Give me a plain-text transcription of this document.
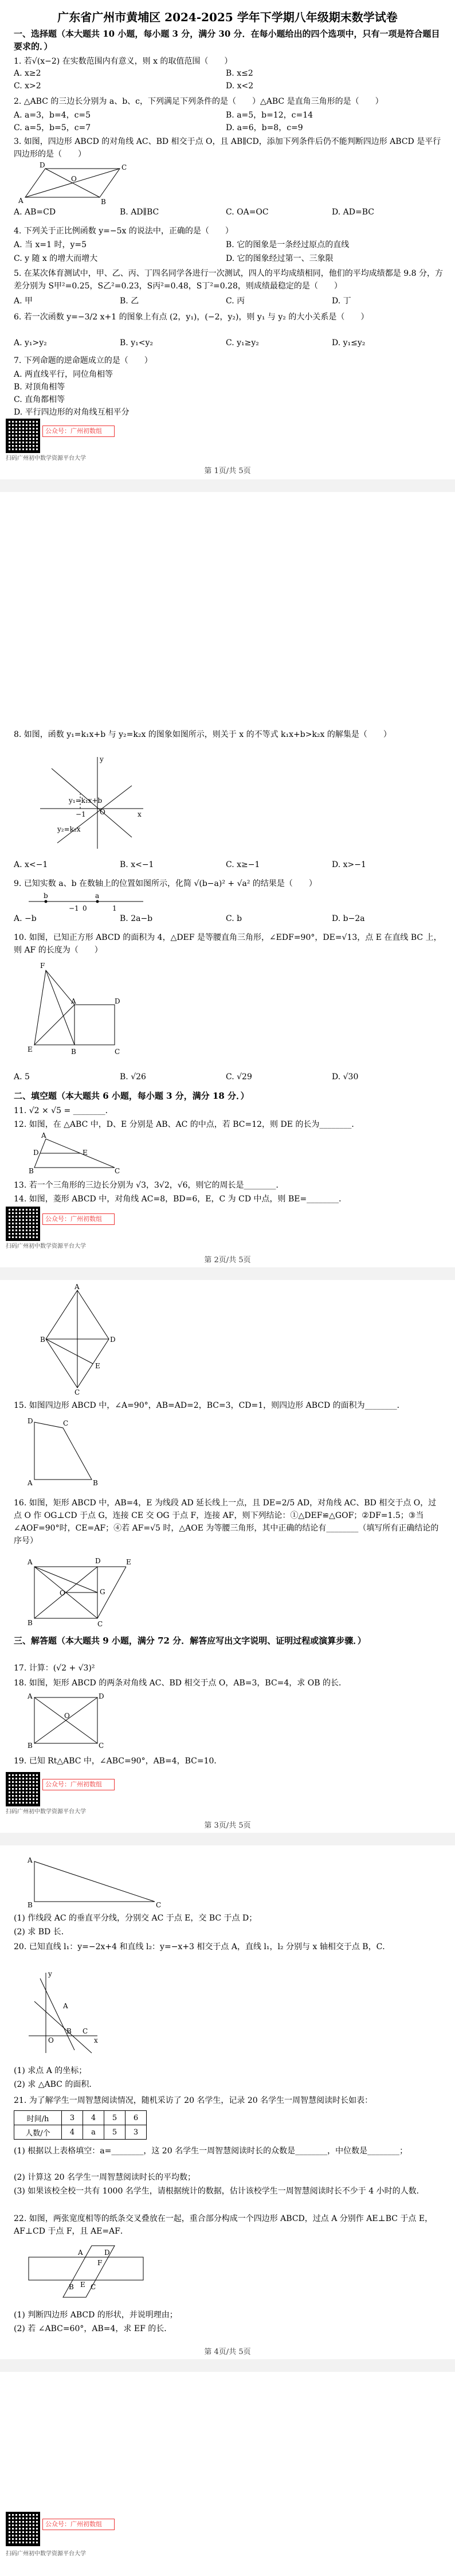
广东省广州市黄埔区 2024-2025 学年下学期八年级期末数学试卷
一、选择题（本大题共 10 小题，每小题 3 分，满分 30 分．在每小题给出的四个选项中，只有一项是符合题目要求的．）
1. 若√(x−2) 在实数范围内有意义，则 x 的取值范围（　　）
A. x≥2	B. x≤2
C. x>2	D. x<2
2. △ABC 的三边长分别为 a、b、c，下列满足下列条件的是（　　）△ABC 是直角三角形的是（　　）
A. a=3，b=4，c=5	B. a=5，b=12，c=14
C. a=5，b=5，c=7	D. a=6，b=8，c=9
3. 如图，四边形 ABCD 的对角线 AC、BD 相交于点 O，且 AB∥CD，添加下列条件后仍不能判断四边形 ABCD 是平行四边形的是（　　）
A	B
C
D
O
A. AB=CD	B. AD∥BC	C. OA=OC	D. AD=BC
4. 下列关于正比例函数 y=−5x 的说法中，正确的是（　　）
A. 当 x=1 时，y=5	B. 它的图象是一条经过原点的直线
C. y 随 x 的增大而增大	D. 它的图象经过第一、三象限
5. 在某次体育测试中，甲、乙、丙、丁四名同学各进行一次测试，四人的平均成绩相同，他们的平均成绩都是 9.8 分，方差分别为 S甲²=0.25，S乙²=0.23，S丙²=0.48，S丁²=0.28，则成绩最稳定的是（　　）
A. 甲	B. 乙	C. 丙	D. 丁
6. 若一次函数 y=−3/2 x+1 的图象上有点 (2，y₁)，(−2，y₂)，则 y₁ 与 y₂ 的大小关系是（　　）
A. y₁>y₂	B. y₁<y₂	C. y₁≥y₂	D. y₁≤y₂
7. 下列命题的逆命题成立的是（　　）
A. 两直线平行，同位角相等
B. 对顶角相等
C. 直角都相等
D. 平行四边形的对角线互相平分
公众号：广州初数组
扫码广州初中数学资源平台大学
第 1页/共 5页
8. 如图，函数 y₁=k₁x+b 与 y₂=k₂x 的图象如图所示，则关于 x 的不等式 k₁x+b>k₂x 的解集是（　　）
y₁=k₁x+b
y₂=k₂x
−1 O	x
y
A. x<−1	B. x<−1	C. x≥−1	D. x>−1
9. 已知实数 a、b 在数轴上的位置如图所示，化简 √(b−a)² + √a² 的结果是（　　）
b	a
−1 0	1
A. −b	B. 2a−b	C. b	D. b−2a
10. 如图，已知正方形 ABCD 的面积为 4，△DEF 是等腰直角三角形，∠EDF=90°，DE=√13，点 E 在直线 BC 上，则 AF 的长度为（　　）
F
E	B	C
D
A
A. 5	B. √26	C. √29	D. √30
二、填空题（本大题共 6 小题，每小题 3 分，满分 18 分．）
11. √2 × √5 = ________．
12. 如图，在 △ABC 中，D、E 分别是 AB、AC 的中点，若 BC=12，则 DE 的长为________．
A
B	C
D	E
13. 若一个三角形的三边长分别为 √3，3√2，√6，则它的周长是________．
14. 如图，菱形 ABCD 中，对角线 AC=8，BD=6，E，C 为 CD 中点，则 BE=________．
公众号：广州初数组
扫码广州初中数学资源平台大学
第 2页/共 5页
A
B
C
D
E
15. 如图四边形 ABCD 中，∠A=90°，AB=AD=2，BC=3，CD=1，则四边形 ABCD 的面积为________．
A	B
C
D
16. 如图，矩形 ABCD 中，AB=4，E 为线段 AD 延长线上一点，且 DE=2/5 AD，对角线 AC、BD 相交于点 O，过点 O 作 OG⊥CD 于点 G，连接 CE 交 OG 于点 F，连接 AF，则下列结论：①△DEF≌△GOF；②DF=1.5；③当∠AOF=90°时，CE=AF；④若 AF=√5 时，△AOE 为等腰三角形，其中正确的结论有________（填写所有正确结论的序号）
A	D	E
B	C
O	G
三、解答题（本大题共 9 小题，满分 72 分．解答应写出文字说明、证明过程或演算步骤．）
17. 计算：(√2 + √3)²
18. 如图，矩形 ABCD 的两条对角线 AC、BD 相交于点 O，AB=3，BC=4，求 OB 的长．
A	D
B	C
O
19. 已知 Rt△ABC 中，∠ABC=90°，AB=4，BC=10．
公众号：广州初数组
扫码广州初中数学资源平台大学
第 3页/共 5页
A
B	C
(1) 作线段 AC 的垂直平分线，分别交 AC 于点 E，交 BC 于点 D；
(2) 求 BD 长．
20. 已知直线 l₁：y=−2x+4 和直线 l₂：y=−x+3 相交于点 A，直线 l₁，l₂ 分别与 x 轴相交于点 B，C．
O	x
y
A
B C
(1) 求点 A 的坐标；
(2) 求 △ABC 的面积．
21. 为了解学生一周智慧阅读情况，随机采访了 20 名学生，记录 20 名学生一周智慧阅读时长如表：
时间/h	3	4	5	6
人数/个	4	a	5	3
(1) 根据以上表格填空：a=________，这 20 名学生一周智慧阅读时长的众数是________，中位数是________；
(2) 计算这 20 名学生一周智慧阅读时长的平均数；
(3) 如果该校全校一共有 1000 名学生，请根据统计的数据，估计该校学生一周智慧阅读时长不少于 4 小时的人数．
22. 如图，两张宽度相等的纸条交叉叠放在一起，重合部分构成一个四边形 ABCD，过点 A 分别作 AE⊥BC 于点 E，AF⊥CD 于点 F，且 AE=AF．
A
B C
D
E
F
(1) 判断四边形 ABCD 的形状，并说明理由；
(2) 若 ∠ABC=60°，AB=4，求 EF 的长．
第 4页/共 5页
公众号：广州初数组
扫码广州初中数学资源平台大学
